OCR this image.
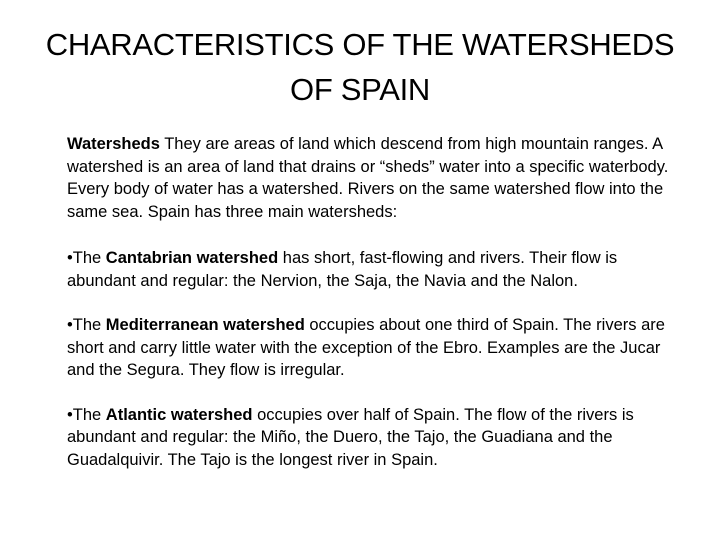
CHARACTERISTICS OF THE WATERSHEDS
OF SPAIN

Watersheds They are areas of land which descend from high mountain ranges. A watershed is an area of land that drains or “sheds” water into a specific waterbody. Every body of water has a watershed. Rivers on the same watershed flow into the same sea. Spain has three main watersheds:

•The Cantabrian watershed has short, fast-flowing and rivers. Their flow is abundant and regular: the Nervion, the Saja, the Navia and the Nalon.

•The Mediterranean watershed occupies about one third of Spain. The rivers are short and carry little water with the exception of the Ebro. Examples are the Jucar and the Segura. They flow is irregular.

•The Atlantic watershed occupies over half of Spain. The flow of the rivers is abundant and regular: the Miño, the Duero, the Tajo, the Guadiana and the Guadalquivir. The Tajo is the longest river in Spain.
